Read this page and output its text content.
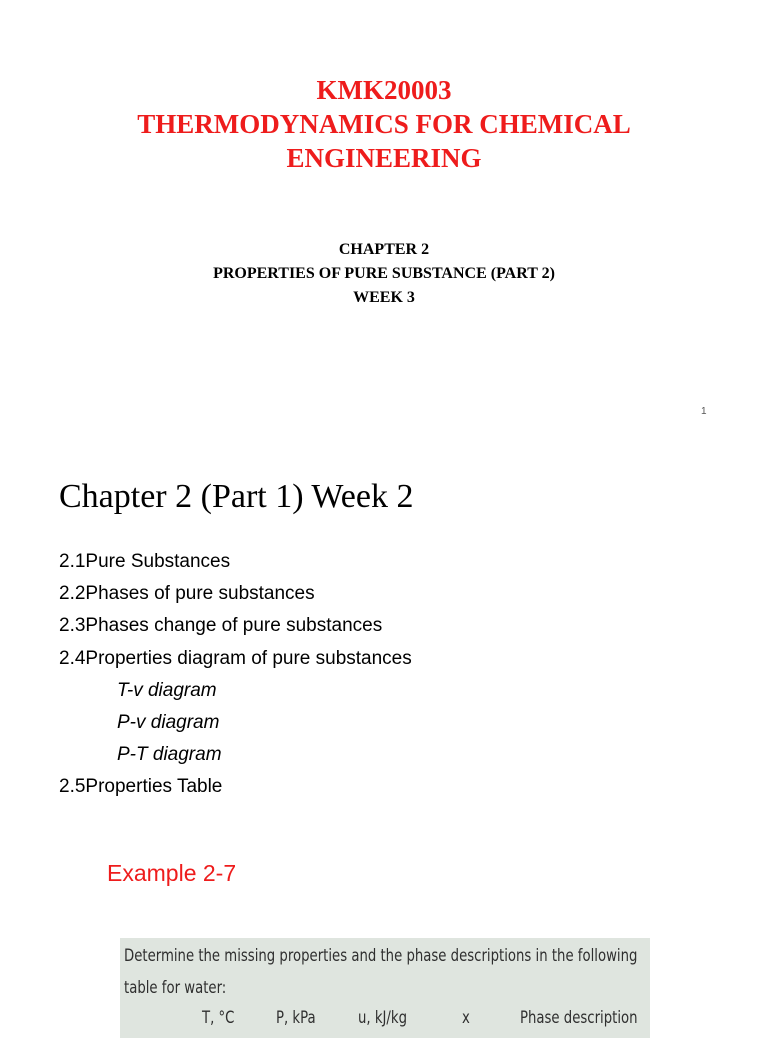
KMK20003
THERMODYNAMICS FOR CHEMICAL
ENGINEERING
CHAPTER 2
PROPERTIES OF PURE SUBSTANCE (PART 2)
WEEK 3
1
Chapter 2 (Part 1) Week 2
2.1Pure Substances
2.2Phases of pure substances
2.3Phases change of pure substances
2.4Properties diagram of pure substances
T-v diagram
P-v diagram
P-T diagram
2.5Properties Table
Example 2-7
Determine the missing properties and the phase descriptions in the following
table for water:
T, °C P, kPa u, kJ/kg	x	Phase description
